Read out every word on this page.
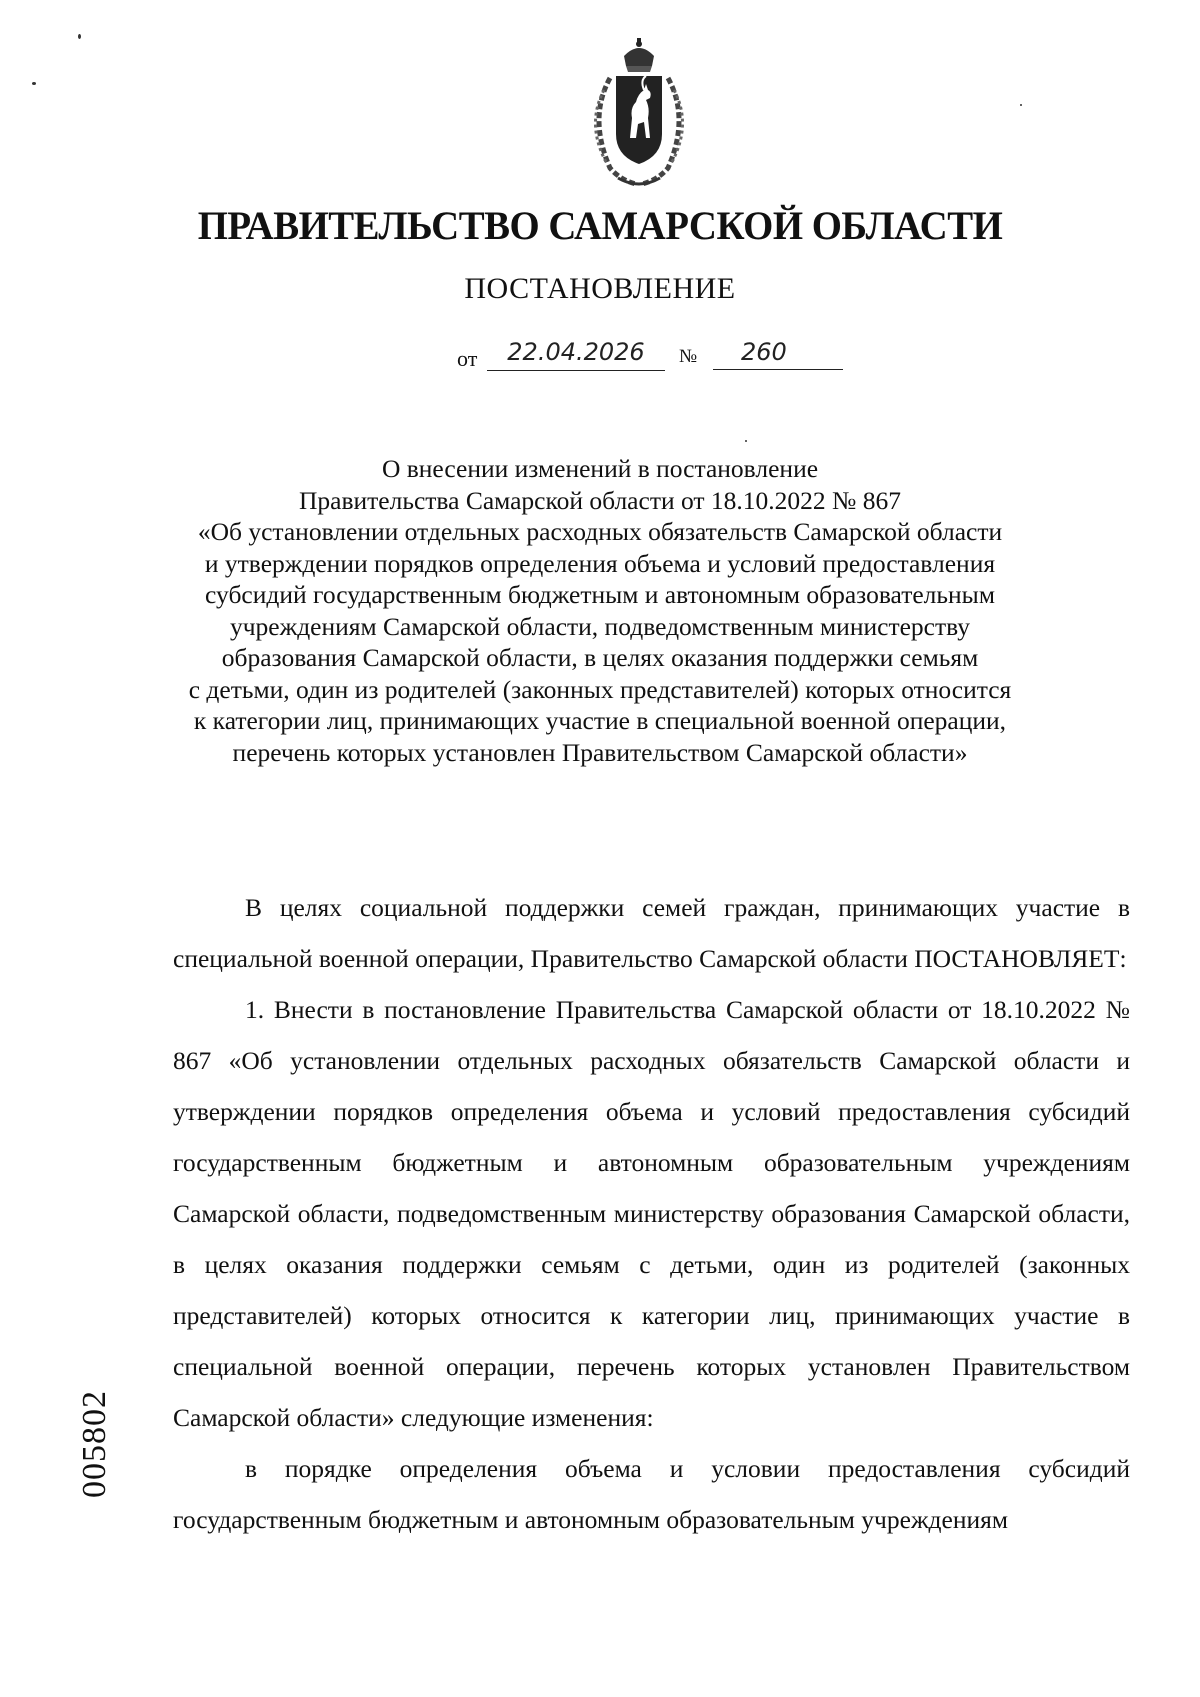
ПРАВИТЕЛЬСТВО САМАРСКОЙ ОБЛАСТИ
ПОСТАНОВЛЕНИЕ
от	22.04.2026	№	260
О внесении изменений в постановление
Правительства Самарской области от 18.10.2022 № 867
«Об установлении отдельных расходных обязательств Самарской области
и утверждении порядков определения объема и условий предоставления
субсидий государственным бюджетным и автономным образовательным
учреждениям Самарской области, подведомственным министерству
образования Самарской области, в целях оказания поддержки семьям
с детьми, один из родителей (законных представителей) которых относится
к категории лиц, принимающих участие в специальной военной операции,
перечень которых установлен Правительством Самарской области»

В целях социальной поддержки семей граждан, принимающих участие в специальной военной операции, Правительство Самарской области ПОСТАНОВЛЯЕТ:

1. Внести в постановление Правительства Самарской области от 18.10.2022 № 867 «Об установлении отдельных расходных обязательств Самарской области и утверждении порядков определения объема и условий предоставления субсидий государственным бюджетным и автономным образовательным учреждениям Самарской области, подведомственным министерству образования Самарской области, в целях оказания поддержки семьям с детьми, один из родителей (законных представителей) которых относится к категории лиц, принимающих участие в специальной военной операции, перечень которых установлен Правительством Самарской области» следующие изменения:

в порядке определения объема и условии предоставления субсидий государственным бюджетным и автономным образовательным учреждениям

005802
